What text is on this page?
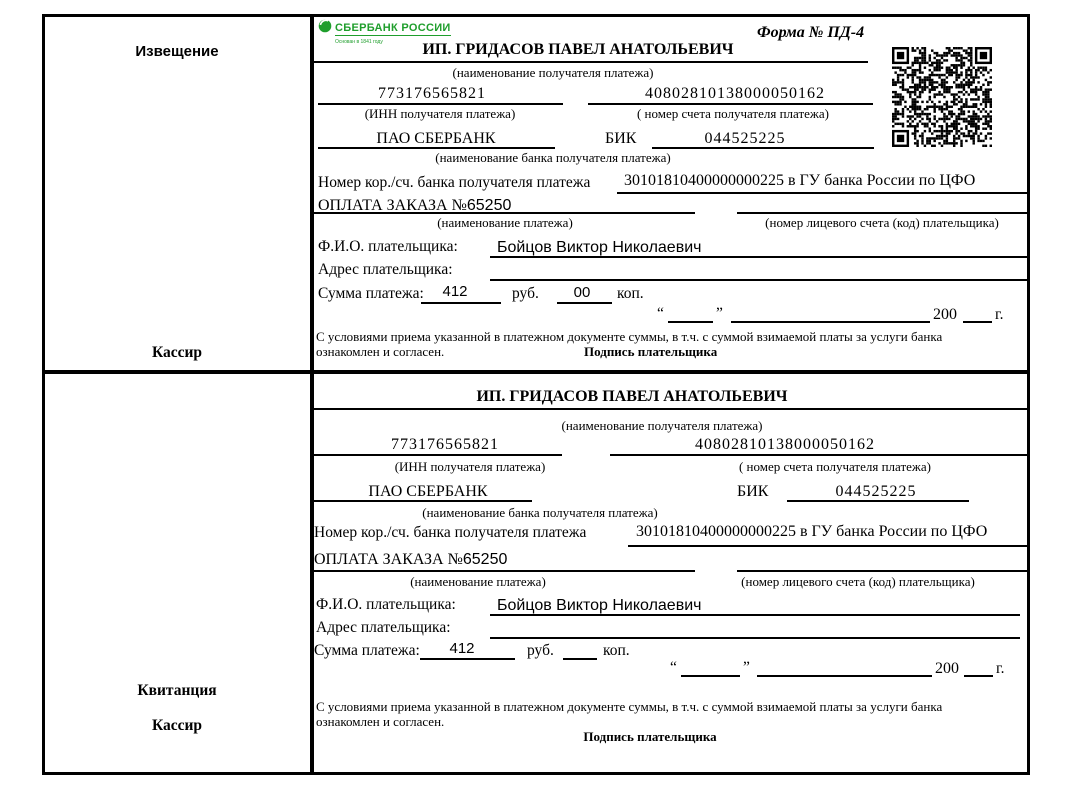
Извещение
Кассир
СБЕРБАНК РОССИИ
Основан в 1841 году
Форма № ПД-4
ИП. ГРИДАСОВ ПАВЕЛ АНАТОЛЬЕВИЧ
(наименование получателя платежа)
773176565821	40802810138000050162
(ИНН получателя платежа)	( номер счета получателя платежа)
ПАО СБЕРБАНК	БИК	044525225
(наименование банка получателя платежа)
Номер кор./сч. банка получателя платежа 30101810400000000225 в ГУ банка России по ЦФО
ОПЛАТА ЗАКАЗА №65250
(наименование платежа)	(номер лицевого счета (код) плательщика)
Ф.И.О. плательщика: Бойцов Виктор Николаевич
Адрес плательщика:
Сумма платежа: 412	руб. 00 коп.
“	”	200 г.
С условиями приема указанной в платежном документе суммы, в т.ч. с суммой взимаемой платы за услуги банка
ознакомлен и согласен.	Подпись плательщика
Квитанция
Кассир
ИП. ГРИДАСОВ ПАВЕЛ АНАТОЛЬЕВИЧ
(наименование получателя платежа)
773176565821	40802810138000050162
(ИНН получателя платежа)	( номер счета получателя платежа)
ПАО СБЕРБАНК	БИК	044525225
(наименование банка получателя платежа)
Номер кор./сч. банка получателя платежа	30101810400000000225 в ГУ банка России по ЦФО
ОПЛАТА ЗАКАЗА №65250
(наименование платежа)	(номер лицевого счета (код) плательщика)
Ф.И.О. плательщика:	Бойцов Виктор Николаевич
Адрес плательщика:
Сумма платежа: 412	руб.	коп.
“	”	200 г.
С условиями приема указанной в платежном документе суммы, в т.ч. с суммой взимаемой платы за услуги банка
ознакомлен и согласен.
Подпись плательщика
